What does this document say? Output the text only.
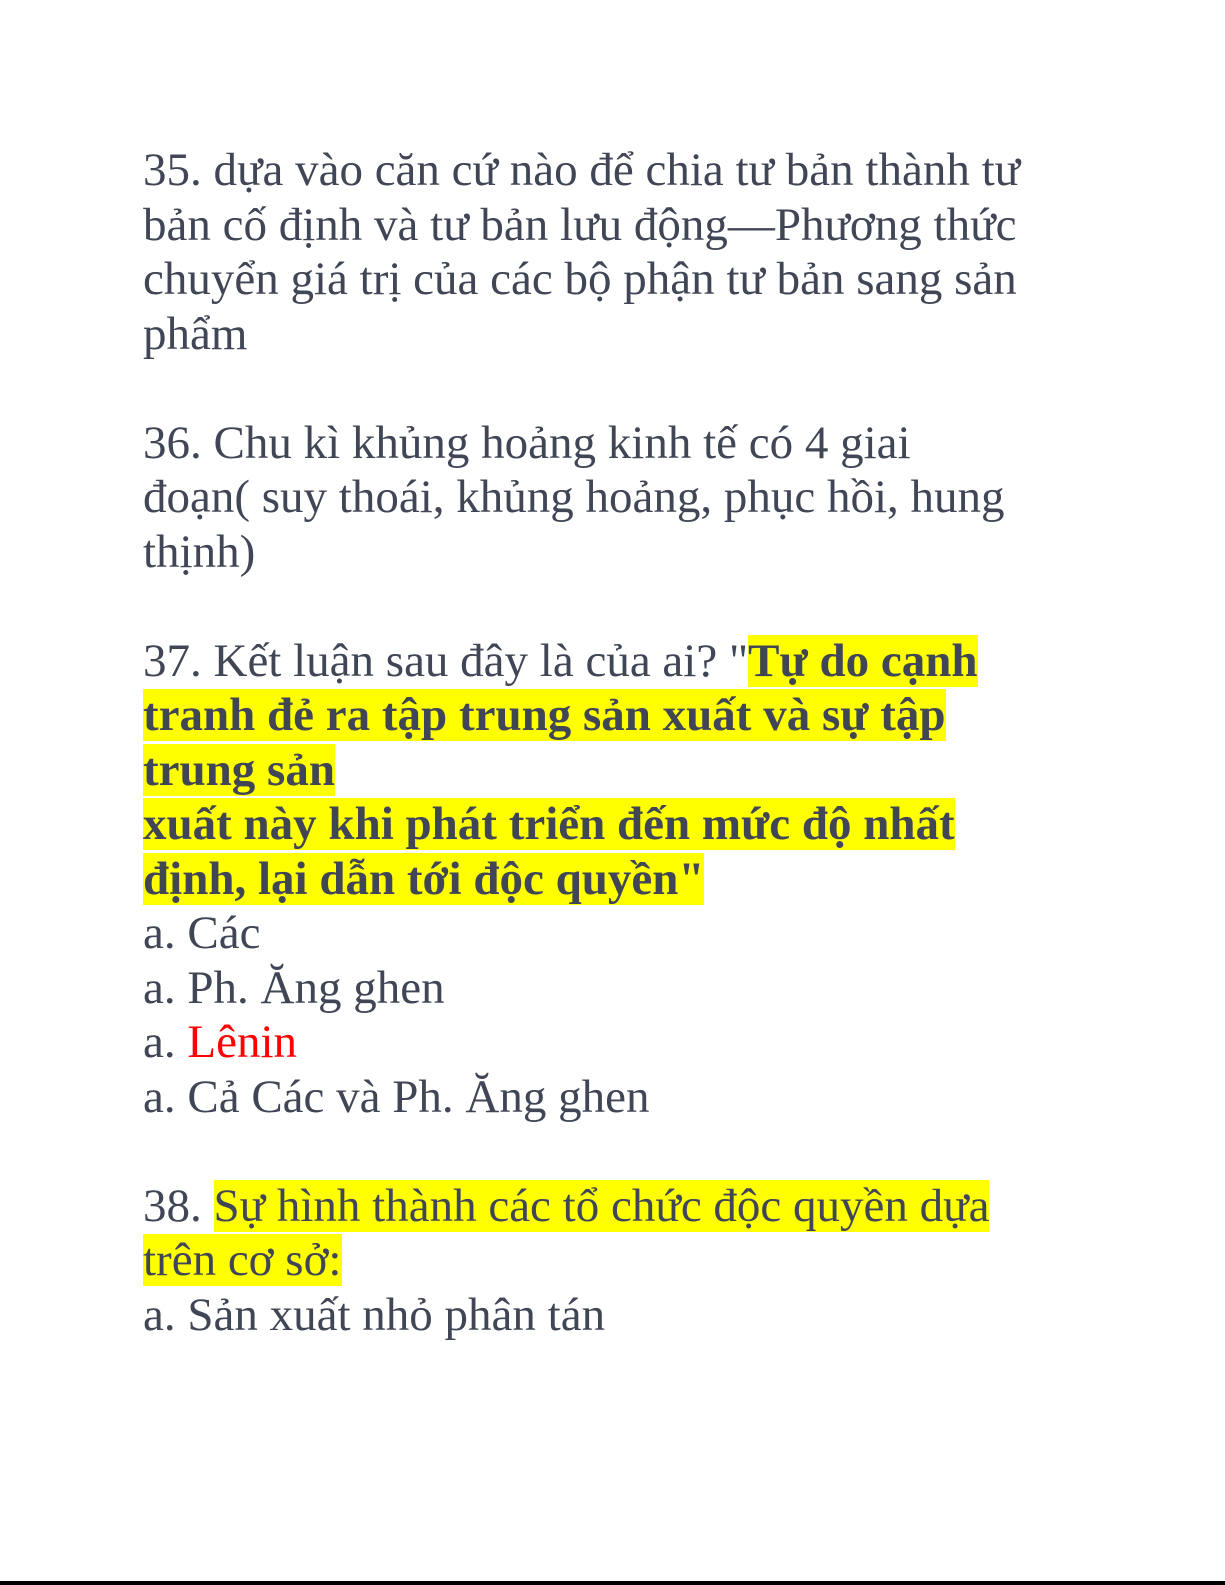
35. dựa vào căn cứ nào để chia tư bản thành tư
bản cố định và tư bản lưu động—Phương thức
chuyển giá trị của các bộ phận tư bản sang sản
phẩm
36. Chu kì khủng hoảng kinh tế có 4 giai
đoạn( suy thoái, khủng hoảng, phục hồi, hung
thịnh)
37. Kết luận sau đây là của ai? "Tự do cạnh
tranh đẻ ra tập trung sản xuất và sự tập
trung sản
xuất này khi phát triển đến mức độ nhất
định, lại dẫn tới độc quyền"
a. Các
a. Ph. Ăng ghen
a. Lênin
a. Cả Các và Ph. Ăng ghen
38. Sự hình thành các tổ chức độc quyền dựa
trên cơ sở:
a. Sản xuất nhỏ phân tán
